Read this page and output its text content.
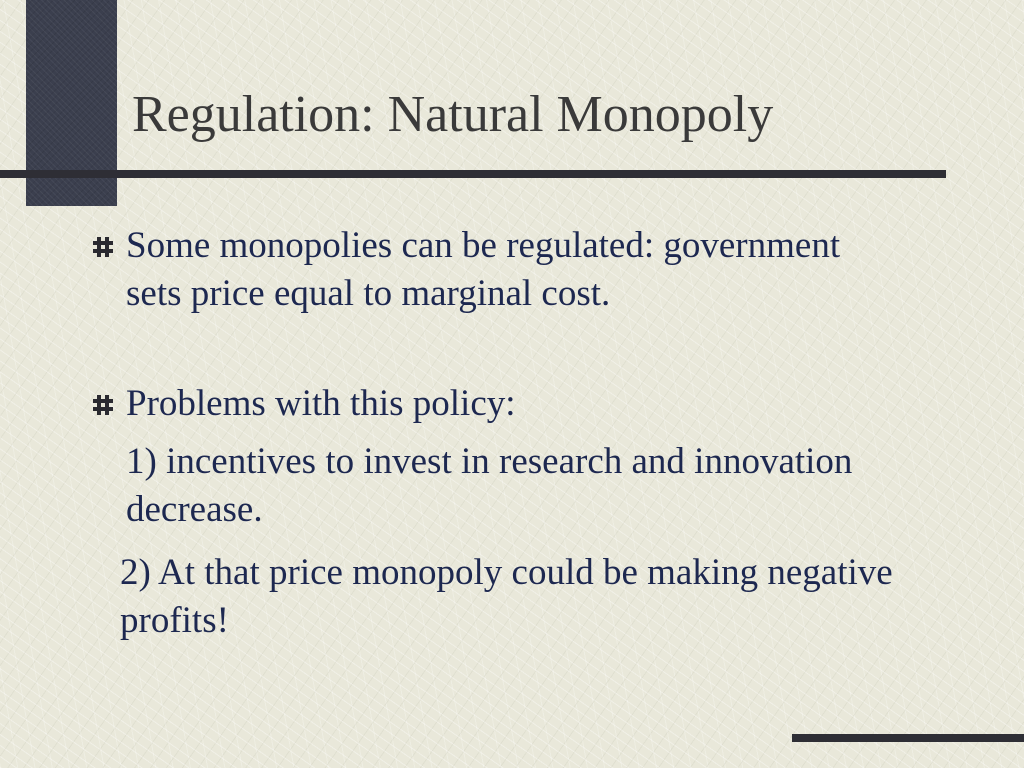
Regulation: Natural Monopoly
Some monopolies can be regulated: government sets price equal to marginal cost.
Problems with this policy:
1) incentives to invest in research and innovation decrease.
2) At that price monopoly could be making negative profits!
